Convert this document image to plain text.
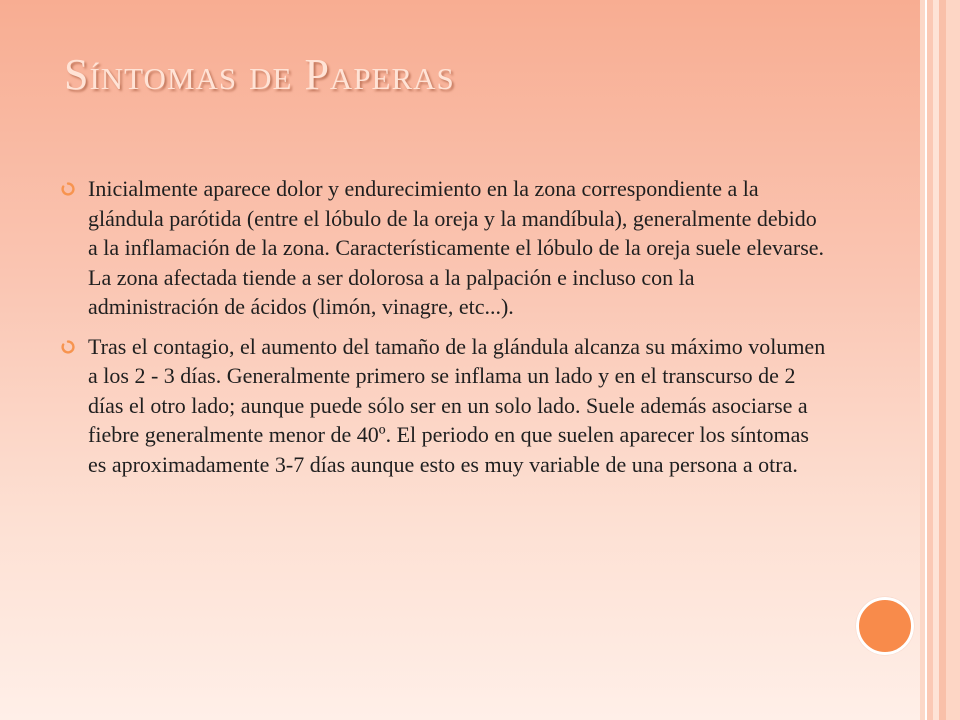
Síntomas de Paperas
Inicialmente aparece dolor y endurecimiento en la zona correspondiente a la glándula parótida (entre el lóbulo de la oreja y la mandíbula), generalmente debido a la inflamación de la zona. Característicamente el lóbulo de la oreja suele elevarse. La zona afectada tiende a ser dolorosa a la palpación e incluso con la administración de ácidos (limón, vinagre, etc...).
Tras el contagio, el aumento del tamaño de la glándula alcanza su máximo volumen a los 2 - 3 días. Generalmente primero se inflama un lado y en el transcurso de 2 días el otro lado; aunque puede sólo ser en un solo lado. Suele además asociarse a fiebre generalmente menor de 40º. El periodo en que suelen aparecer los síntomas es aproximadamente 3-7 días aunque esto es muy variable de una persona a otra.
